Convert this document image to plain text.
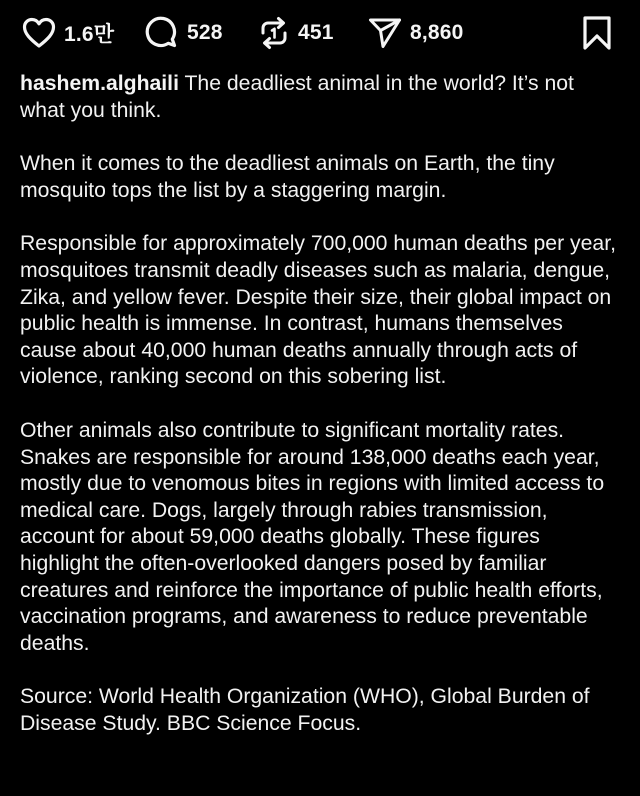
1.6만	528	451	8,860

hashem.alghaili The deadliest animal in the world? It’s not what you think.

When it comes to the deadliest animals on Earth, the tiny mosquito tops the list by a staggering margin.

Responsible for approximately 700,000 human deaths per year, mosquitoes transmit deadly diseases such as malaria, dengue, Zika, and yellow fever. Despite their size, their global impact on public health is immense. In contrast, humans themselves cause about 40,000 human deaths annually through acts of violence, ranking second on this sobering list.

Other animals also contribute to significant mortality rates. Snakes are responsible for around 138,000 deaths each year, mostly due to venomous bites in regions with limited access to medical care. Dogs, largely through rabies transmission, account for about 59,000 deaths globally. These figures highlight the often-overlooked dangers posed by familiar creatures and reinforce the importance of public health efforts, vaccination programs, and awareness to reduce preventable deaths.

Source: World Health Organization (WHO), Global Burden of Disease Study. BBC Science Focus.
